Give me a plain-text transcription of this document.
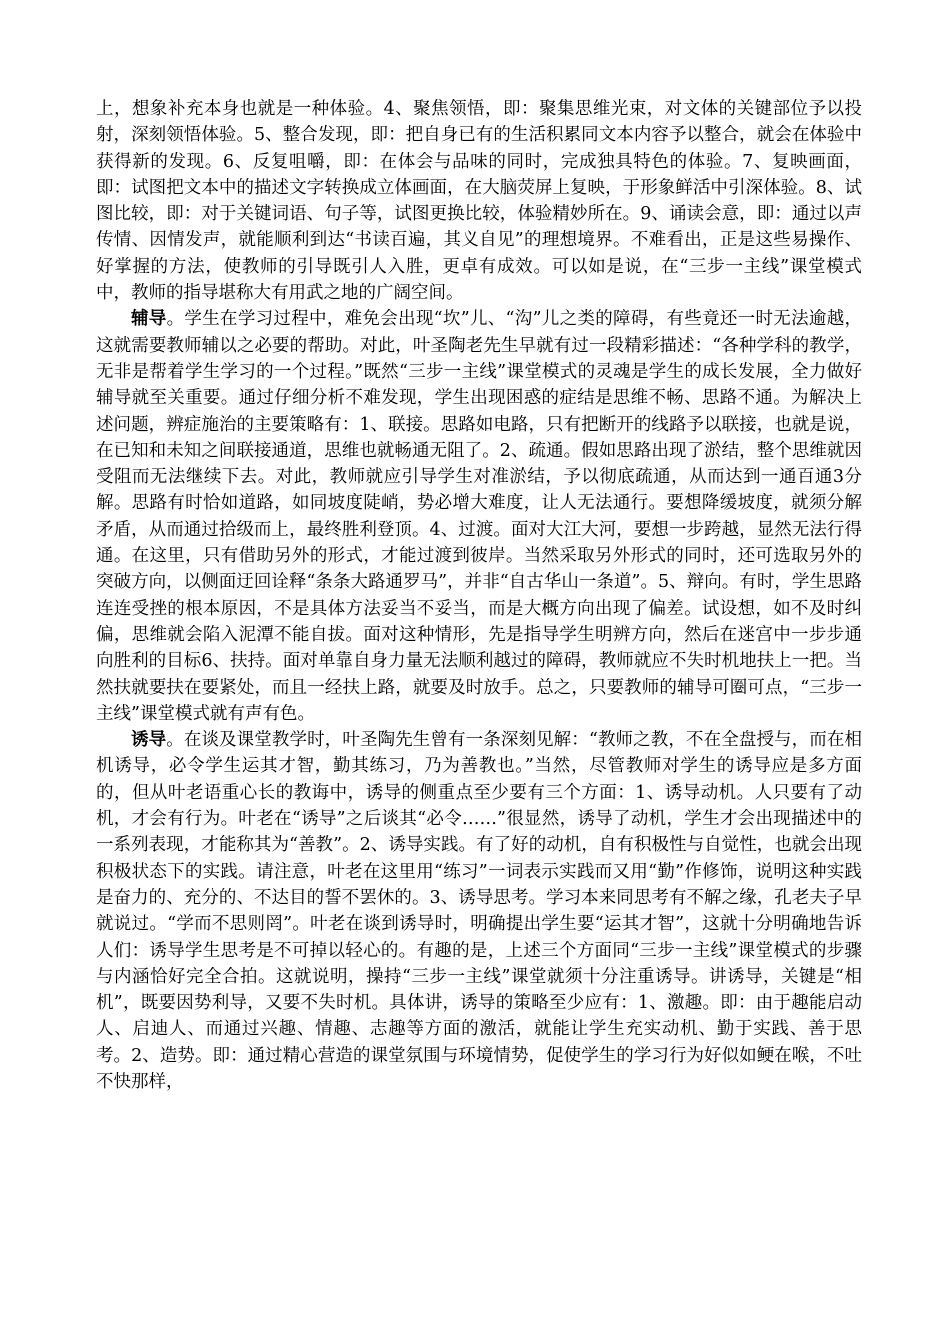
上，想象补充本身也就是一种体验。4、聚焦领悟，即：聚集思维光束，对文体的关键部位予以投射，深刻领悟体验。5、整合发现，即：把自身已有的生活积累同文本内容予以整合，就会在体验中获得新的发现。6、反复咀嚼，即：在体会与品味的同时，完成独具特色的体验。7、复映画面，即：试图把文本中的描述文字转换成立体画面，在大脑荧屏上复映，于形象鲜活中引深体验。8、试图比较，即：对于关键词语、句子等，试图更换比较，体验精妙所在。9、诵读会意，即：通过以声传情、因情发声，就能顺利到达“书读百遍，其义自见”的理想境界。不难看出，正是这些易操作、好掌握的方法，使教师的引导既引人入胜，更卓有成效。可以如是说，在“三步一主线”课堂模式中，教师的指导堪称大有用武之地的广阔空间。

辅导。学生在学习过程中，难免会出现“坎”儿、“沟”儿之类的障碍，有些竟还一时无法逾越，这就需要教师辅以之必要的帮助。对此，叶圣陶老先生早就有过一段精彩描述：“各种学科的教学，无非是帮着学生学习的一个过程。”既然“三步一主线”课堂模式的灵魂是学生的成长发展，全力做好辅导就至关重要。通过仔细分析不难发现，学生出现困惑的症结是思维不畅、思路不通。为解决上述问题，辨症施治的主要策略有：1、联接。思路如电路，只有把断开的线路予以联接，也就是说，在已知和未知之间联接通道，思维也就畅通无阻了。2、疏通。假如思路出现了淤结，整个思维就因受阻而无法继续下去。对此，教师就应引导学生对准淤结，予以彻底疏通，从而达到一通百通3分解。思路有时恰如道路，如同坡度陡峭，势必增大难度，让人无法通行。要想降缓坡度，就须分解矛盾，从而通过拾级而上，最终胜利登顶。4、过渡。面对大江大河，要想一步跨越，显然无法行得通。在这里，只有借助另外的形式，才能过渡到彼岸。当然采取另外形式的同时，还可选取另外的突破方向，以侧面迂回诠释“条条大路通罗马”，并非“自古华山一条道”。5、辩向。有时，学生思路连连受挫的根本原因，不是具体方法妥当不妥当，而是大概方向出现了偏差。试设想，如不及时纠偏，思维就会陷入泥潭不能自拔。面对这种情形，先是指导学生明辨方向，然后在迷宫中一步步通向胜利的目标6、扶持。面对单靠自身力量无法顺利越过的障碍，教师就应不失时机地扶上一把。当然扶就要扶在要紧处，而且一经扶上路，就要及时放手。总之，只要教师的辅导可圈可点，“三步一主线”课堂模式就有声有色。

诱导。在谈及课堂教学时，叶圣陶先生曾有一条深刻见解：“教师之教，不在全盘授与，而在相机诱导，必令学生运其才智，勤其练习，乃为善教也。”当然，尽管教师对学生的诱导应是多方面的，但从叶老语重心长的教诲中，诱导的侧重点至少要有三个方面：1、诱导动机。人只要有了动机，才会有行为。叶老在“诱导”之后谈其“必令……”很显然，诱导了动机，学生才会出现描述中的一系列表现，才能称其为“善教”。2、诱导实践。有了好的动机，自有积极性与自觉性，也就会出现积极状态下的实践。请注意，叶老在这里用“练习”一词表示实践而又用“勤”作修饰，说明这种实践是奋力的、充分的、不达目的誓不罢休的。3、诱导思考。学习本来同思考有不解之缘，孔老夫子早就说过。“学而不思则罔”。叶老在谈到诱导时，明确提出学生要“运其才智”，这就十分明确地告诉人们：诱导学生思考是不可掉以轻心的。有趣的是，上述三个方面同“三步一主线”课堂模式的步骤与内涵恰好完全合拍。这就说明，操持“三步一主线”课堂就须十分注重诱导。讲诱导，关键是“相机”，既要因势利导，又要不失时机。具体讲，诱导的策略至少应有：1、激趣。即：由于趣能启动人、启迪人、而通过兴趣、情趣、志趣等方面的激活，就能让学生充实动机、勤于实践、善于思考。2、造势。即：通过精心营造的课堂氛围与环境情势，促使学生的学习行为好似如鲠在喉，不吐不快那样，
